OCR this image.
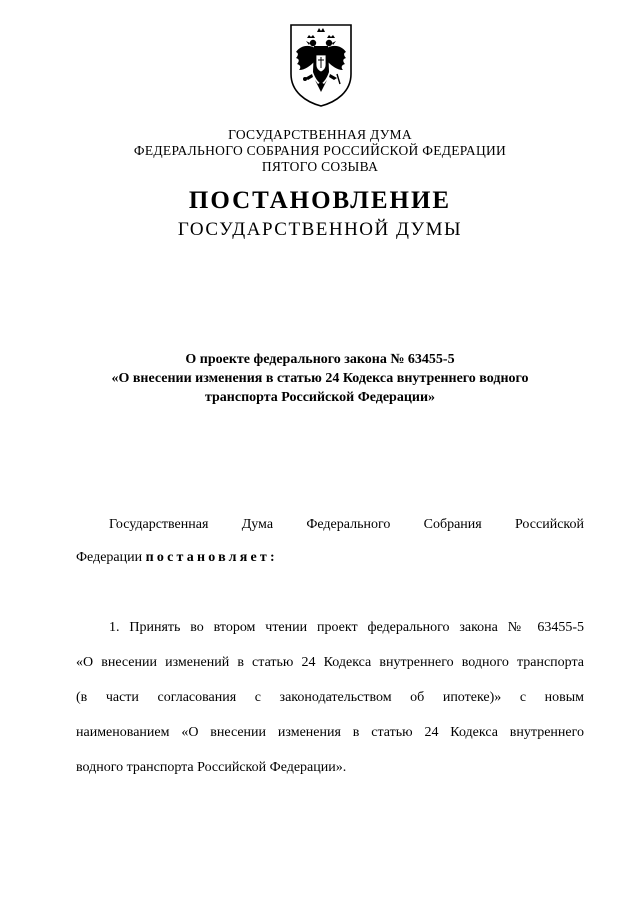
ГОСУДАРСТВЕННАЯ ДУМА
ФЕДЕРАЛЬНОГО СОБРАНИЯ РОССИЙСКОЙ ФЕДЕРАЦИИ
ПЯТОГО СОЗЫВА
ПОСТАНОВЛЕНИЕ
ГОСУДАРСТВЕННОЙ ДУМЫ
О проекте федерального закона № 63455-5
«О внесении изменения в статью 24 Кодекса внутреннего водного
транспорта Российской Федерации»
Государственная Дума Федерального Собрания Российской
Федерации постановляет:
1. Принять во втором чтении проект федерального закона № 63455-5
«О внесении изменений в статью 24 Кодекса внутреннего водного транспорта
(в части согласования с законодательством об ипотеке)» с новым
наименованием «О внесении изменения в статью 24 Кодекса внутреннего
водного транспорта Российской Федерации».
